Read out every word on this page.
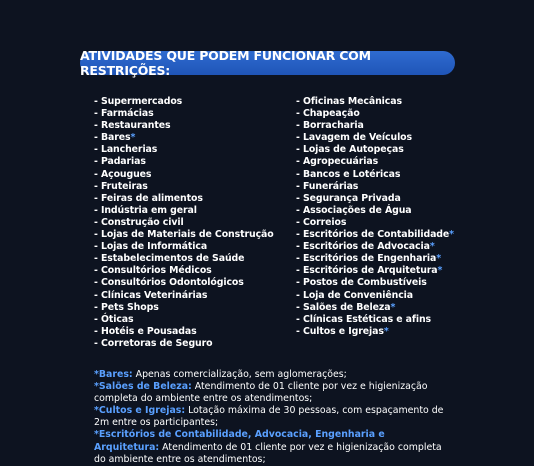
ATIVIDADES QUE PODEM FUNCIONAR COM RESTRIÇÕES:
- Supermercados
- Farmácias
- Restaurantes
- Bares*
- Lancherias
- Padarias
- Açougues
- Fruteiras
- Feiras de alimentos
- Indústria em geral
- Construção civil
- Lojas de Materiais de Construção
- Lojas de Informática
- Estabelecimentos de Saúde
- Consultórios Médicos
- Consultórios Odontológicos
- Clínicas Veterinárias
- Pets Shops
- Óticas
- Hotéis e Pousadas
- Corretoras de Seguro
- Oficinas Mecânicas
- Chapeação
- Borracharia
- Lavagem de Veículos
- Lojas de Autopeças
- Agropecuárias
- Bancos e Lotéricas
- Funerárias
- Segurança Privada
- Associações de Água
- Correios
- Escritórios de Contabilidade*
- Escritórios de Advocacia*
- Escritórios de Engenharia*
- Escritórios de Arquitetura*
- Postos de Combustíveis
- Loja de Conveniência
- Salões de Beleza*
- Clínicas Estéticas e afins
- Cultos e Igrejas*

*Bares: Apenas comercialização, sem aglomerações;

*Salões de Beleza: Atendimento de 01 cliente por vez e higienização completa do ambiente entre os atendimentos;

*Cultos e Igrejas: Lotação máxima de 30 pessoas, com espaçamento de 2m entre os participantes;

*Escritórios de Contabilidade, Advocacia, Engenharia e Arquitetura: Atendimento de 01 cliente por vez e higienização completa do ambiente entre os atendimentos;
